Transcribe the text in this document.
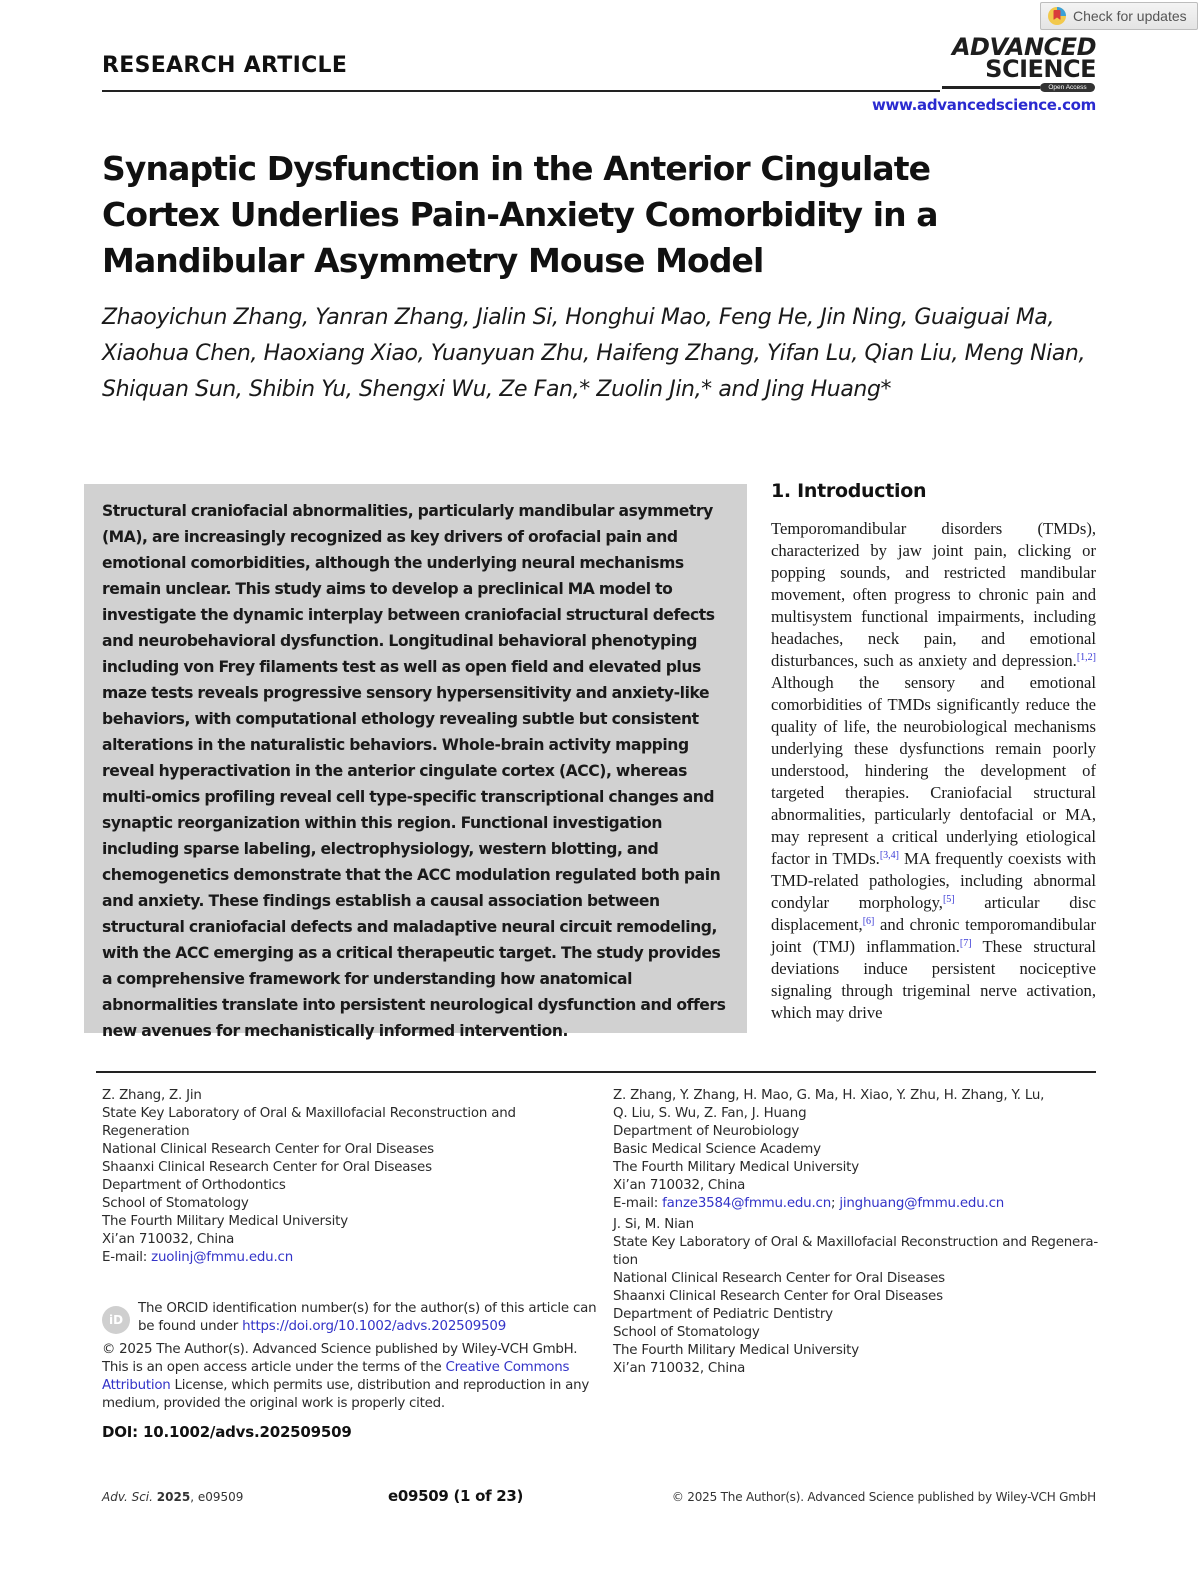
Check for updates
RESEARCH ARTICLE
ADVANCED
SCIENCE
Open Access
www.advancedscience.com
Synaptic Dysfunction in the Anterior Cingulate Cortex Underlies Pain-Anxiety Comorbidity in a Mandibular Asymmetry Mouse Model
Zhaoyichun Zhang, Yanran Zhang, Jialin Si, Honghui Mao, Feng He, Jin Ning, Guaiguai Ma, Xiaohua Chen, Haoxiang Xiao, Yuanyuan Zhu, Haifeng Zhang, Yifan Lu, Qian Liu, Meng Nian, Shiquan Sun, Shibin Yu, Shengxi Wu, Ze Fan,* Zuolin Jin,* and Jing Huang*

Structural craniofacial abnormalities, particularly mandibular asymmetry (MA), are increasingly recognized as key drivers of orofacial pain and emotional comorbidities, although the underlying neural mechanisms remain unclear. This study aims to develop a preclinical MA model to investigate the dynamic interplay between craniofacial structural defects and neurobehavioral dysfunction. Longitudinal behavioral phenotyping including von Frey filaments test as well as open field and elevated plus maze tests reveals progressive sensory hypersensitivity and anxiety-like behaviors, with computational ethology revealing subtle but consistent alterations in the naturalistic behaviors. Whole-brain activity mapping reveal hyperactivation in the anterior cingulate cortex (ACC), whereas multi-omics profiling reveal cell type-specific transcriptional changes and synaptic reorganization within this region. Functional investigation including sparse labeling, electrophysiology, western blotting, and chemogenetics demonstrate that the ACC modulation regulated both pain and anxiety. These findings establish a causal association between structural craniofacial defects and maladaptive neural circuit remodeling, with the ACC emerging as a critical therapeutic target. The study provides a comprehensive framework for understanding how anatomical abnormalities translate into persistent neurological dysfunction and offers new avenues for mechanistically informed intervention.

1. Introduction
Temporomandibular disorders (TMDs), characterized by jaw joint pain, clicking or popping sounds, and restricted mandibular movement, often progress to chronic pain and multisystem functional impairments, including headaches, neck pain, and emotional disturbances, such as anxiety and depression.[1,2] Although the sensory and emotional comorbidities of TMDs significantly reduce the quality of life, the neurobiological mechanisms underlying these dysfunctions remain poorly understood, hindering the development of targeted therapies. Craniofacial structural abnormalities, particularly dentofacial or MA, may represent a critical underlying etiological factor in TMDs.[3,4] MA frequently coexists with TMD-related pathologies, including abnormal condylar morphology,[5] articular disc displacement,[6] and chronic temporomandibular joint (TMJ) inflammation.[7] These structural deviations induce persistent nociceptive signaling through trigeminal nerve activation, which may drive
Z. Zhang, Z. Jin
State Key Laboratory of Oral & Maxillofacial Reconstruction and
Regeneration
National Clinical Research Center for Oral Diseases
Shaanxi Clinical Research Center for Oral Diseases
Department of Orthodontics
School of Stomatology
The Fourth Military Medical University
Xi’an 710032, China
E-mail: zuolinj@fmmu.edu.cn
Z. Zhang, Y. Zhang, H. Mao, G. Ma, H. Xiao, Y. Zhu, H. Zhang, Y. Lu,
Q. Liu, S. Wu, Z. Fan, J. Huang
Department of Neurobiology
Basic Medical Science Academy
The Fourth Military Medical University
Xi’an 710032, China
E-mail: fanze3584@fmmu.edu.cn; jinghuang@fmmu.edu.cn
J. Si, M. Nian
State Key Laboratory of Oral & Maxillofacial Reconstruction and Regenera-
tion
National Clinical Research Center for Oral Diseases
Shaanxi Clinical Research Center for Oral Diseases
Department of Pediatric Dentistry
School of Stomatology
The Fourth Military Medical University
Xi’an 710032, China
iD
The ORCID identification number(s) for the author(s) of this article can be found under https://doi.org/10.1002/advs.202509509
© 2025 The Author(s). Advanced Science published by Wiley-VCH GmbH. This is an open access article under the terms of the Creative Commons Attribution License, which permits use, distribution and reproduction in any medium, provided the original work is properly cited.
DOI: 10.1002/advs.202509509
Adv. Sci. 2025, e09509	e09509 (1 of 23)	© 2025 The Author(s). Advanced Science published by Wiley-VCH GmbH
